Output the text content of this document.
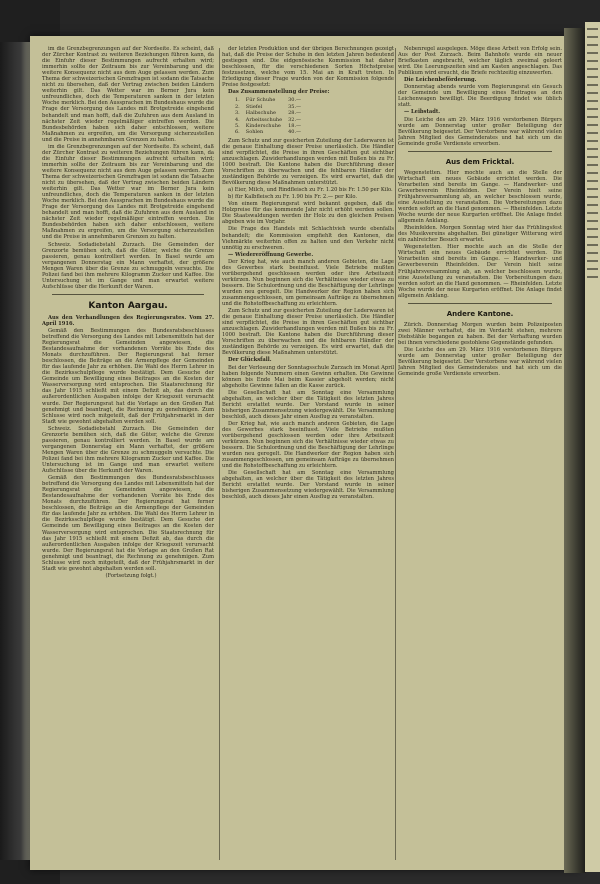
im die Grenzbegrenzungen auf der Nordseite. Es scheint, daß der Zürcher Kontrast zu weiteren Beziehungen führen kann, da die Einfuhr dieser Bestimmungen aufrecht erhalten wird; immerhin sollte der Zeitraum bis zur Vereinbarung und die weitere Konsequenz nicht aus dem Auge gelassen werden. Zum Thema der schweizerischen Grenzfragen ist sodann die Tatsache nicht zu übersehen, daß der Vertrag zwischen beiden Ländern weiterhin gilt. Das Wetter war im Berner Jura kein unfreundliches, doch die Temperaturen sanken in der letzten Woche merklich. Bei den Aussprachen im Bundeshaus wurde die Frage der Versorgung des Landes mit Brotgetreide eingehend behandelt und man hofft, daß die Zufuhren aus dem Ausland in nächster Zeit wieder regelmäßiger eintreffen werden. Die Bundesbehörden haben sich daher entschlossen, weitere Maßnahmen zu ergreifen, um die Versorgung sicherzustellen und die Preise in annehmbaren Grenzen zu halten.

im die Grenzbegrenzungen auf der Nordseite. Es scheint, daß der Zürcher Kontrast zu weiteren Beziehungen führen kann, da die Einfuhr dieser Bestimmungen aufrecht erhalten wird; immerhin sollte der Zeitraum bis zur Vereinbarung und die weitere Konsequenz nicht aus dem Auge gelassen werden. Zum Thema der schweizerischen Grenzfragen ist sodann die Tatsache nicht zu übersehen, daß der Vertrag zwischen beiden Ländern weiterhin gilt. Das Wetter war im Berner Jura kein unfreundliches, doch die Temperaturen sanken in der letzten Woche merklich. Bei den Aussprachen im Bundeshaus wurde die Frage der Versorgung des Landes mit Brotgetreide eingehend behandelt und man hofft, daß die Zufuhren aus dem Ausland in nächster Zeit wieder regelmäßiger eintreffen werden. Die Bundesbehörden haben sich daher entschlossen, weitere Maßnahmen zu ergreifen, um die Versorgung sicherzustellen und die Preise in annehmbaren Grenzen zu halten.

Schweiz. Sodadiebstahl Zurzach. Die Gemeinden der Grenzorte bemühen sich, daß die Güter, welche die Grenze passieren, genau kontrolliert werden. In Basel wurde am vergangenen Donnerstag ein Mann verhaftet, der größere Mengen Waren über die Grenze zu schmuggeln versuchte. Die Polizei fand bei ihm mehrere Kilogramm Zucker und Kaffee. Die Untersuchung ist im Gange und man erwartet weitere Aufschlüsse über die Herkunft der Waren.

Kanton Aargau.

Aus den Verhandlungen des Regierungsrates. Vom 27. April 1916.

Gemäß den Bestimmungen des Bundesratsbeschlusses betreffend die Versorgung des Landes mit Lebensmitteln hat der Regierungsrat die Gemeinden angewiesen, die Bestandesaufnahme der vorhandenen Vorräte bis Ende des Monats durchzuführen. Der Regierungsrat hat ferner beschlossen, die Beiträge an die Armenpflege der Gemeinden für das laufende Jahr zu erhöhen. Die Wahl des Herrn Lehrer in die Bezirksschulpflege wurde bestätigt. Dem Gesuche der Gemeinde um Bewilligung eines Beitrages an die Kosten der Wasserversorgung wird entsprochen. Die Staatsrechnung für das Jahr 1915 schließt mit einem Defizit ab, das durch die außerordentlichen Ausgaben infolge der Kriegszeit verursacht wurde. Der Regierungsrat hat die Vorlage an den Großen Rat genehmigt und beantragt, die Rechnung zu genehmigen. Zum Schlusse wird noch mitgeteilt, daß der Frühjahrsmarkt in der Stadt wie gewohnt abgehalten werden soll.

Schweiz. Sodadiebstahl Zurzach. Die Gemeinden der Grenzorte bemühen sich, daß die Güter, welche die Grenze passieren, genau kontrolliert werden. In Basel wurde am vergangenen Donnerstag ein Mann verhaftet, der größere Mengen Waren über die Grenze zu schmuggeln versuchte. Die Polizei fand bei ihm mehrere Kilogramm Zucker und Kaffee. Die Untersuchung ist im Gange und man erwartet weitere Aufschlüsse über die Herkunft der Waren.

Gemäß den Bestimmungen des Bundesratsbeschlusses betreffend die Versorgung des Landes mit Lebensmitteln hat der Regierungsrat die Gemeinden angewiesen, die Bestandesaufnahme der vorhandenen Vorräte bis Ende des Monats durchzuführen. Der Regierungsrat hat ferner beschlossen, die Beiträge an die Armenpflege der Gemeinden für das laufende Jahr zu erhöhen. Die Wahl des Herrn Lehrer in die Bezirksschulpflege wurde bestätigt. Dem Gesuche der Gemeinde um Bewilligung eines Beitrages an die Kosten der Wasserversorgung wird entsprochen. Die Staatsrechnung für das Jahr 1915 schließt mit einem Defizit ab, das durch die außerordentlichen Ausgaben infolge der Kriegszeit verursacht wurde. Der Regierungsrat hat die Vorlage an den Großen Rat genehmigt und beantragt, die Rechnung zu genehmigen. Zum Schlusse wird noch mitgeteilt, daß der Frühjahrsmarkt in der Stadt wie gewohnt abgehalten werden soll.

(Fortsetzung folgt.)

der letzten Produktion und der übrigen Berechnungen gezeigt hat, daß die Preise der Schuhe in den letzten Jahren bedeutend gestiegen sind. Die eidgenössische Kommission hat daher beschlossen, für die verschiedenen Sorten Höchstpreise festzusetzen, welche vom 15. Mai an in Kraft treten. In Erledigung dieser Frage wurden von der Kommission folgende Preise festgesetzt:

Das Zusammenstellung der Preise:

1.	Für Schuhe	30.—
2.	Stiefel	35.—
3.	Halbschuhe	28.—
4.	Arbeitsschuhe	32.—
5.	Kinderschuhe	18.—
6.	Sohlen	40.—

Zum Schutz und zur gesicherten Zuteilung der Lederwaren ist die genaue Einhaltung dieser Preise unerlässlich. Die Händler sind verpflichtet, die Preise in ihren Geschäften gut sichtbar anzuschlagen. Zuwiderhandlungen werden mit Bußen bis zu Fr. 1000 bestraft. Die Kantone haben die Durchführung dieser Vorschriften zu überwachen und die fehlbaren Händler der zuständigen Behörde zu verzeigen. Es wird erwartet, daß die Bevölkerung diese Maßnahmen unterstützt.

a) Eier, Milch, und Rindfleisch zu Fr. 1.20 bis Fr. 1.50 per Kilo.

b) für Kalbfleisch zu Fr. 1.90 bis Fr. 2.— per Kilo.

Von einem Regierungsrat wird bekannt gegeben, daß die Holzpreise für das kommende Jahr nicht erhöht werden sollen. Die Staatswaldungen werden ihr Holz zu den gleichen Preisen abgeben wie im Vorjahr.

Die Frage des Handels mit Schlachtvieh wurde ebenfalls behandelt; die Kommission empfiehlt den Kantonen, die Viehmärkte weiterhin offen zu halten und den Verkehr nicht unnötig zu erschweren.

— Wiedereröffnung Gewerbe.

Der Krieg hat, wie auch manch anderen Gebieten, die Lage des Gewerbes stark beeinflusst. Viele Betriebe mußten vorübergehend geschlossen werden oder ihre Arbeitszeit verkürzen. Nun beginnen sich die Verhältnisse wieder etwas zu bessern. Die Schulordnung und die Beschäftigung der Lehrlinge wurden neu geregelt. Die Handwerker der Region haben sich zusammengeschlossen, um gemeinsam Aufträge zu übernehmen und die Rohstoffbeschaffung zu erleichtern.

Zum Schutz und zur gesicherten Zuteilung der Lederwaren ist die genaue Einhaltung dieser Preise unerlässlich. Die Händler sind verpflichtet, die Preise in ihren Geschäften gut sichtbar anzuschlagen. Zuwiderhandlungen werden mit Bußen bis zu Fr. 1000 bestraft. Die Kantone haben die Durchführung dieser Vorschriften zu überwachen und die fehlbaren Händler der zuständigen Behörde zu verzeigen. Es wird erwartet, daß die Bevölkerung diese Maßnahmen unterstützt.

Der Glücksfall.

Bei der Verlosung der Sonntagsschule Zurzach im Monat April haben folgende Nummern einen Gewinn erhalten. Die Gewinne können bis Ende Mai beim Kassier abgeholt werden; nicht abgeholte Gewinne fallen an die Kasse zurück.

Die Gesellschaft hat am Sonntag eine Versammlung abgehalten, an welcher über die Tätigkeit des letzten Jahres Bericht erstattet wurde. Der Vorstand wurde in seiner bisherigen Zusammensetzung wiedergewählt. Die Versammlung beschloß, auch dieses Jahr einen Ausflug zu veranstalten.

Der Krieg hat, wie auch manch anderen Gebieten, die Lage des Gewerbes stark beeinflusst. Viele Betriebe mußten vorübergehend geschlossen werden oder ihre Arbeitszeit verkürzen. Nun beginnen sich die Verhältnisse wieder etwas zu bessern. Die Schulordnung und die Beschäftigung der Lehrlinge wurden neu geregelt. Die Handwerker der Region haben sich zusammengeschlossen, um gemeinsam Aufträge zu übernehmen und die Rohstoffbeschaffung zu erleichtern.

Die Gesellschaft hat am Sonntag eine Versammlung abgehalten, an welcher über die Tätigkeit des letzten Jahres Bericht erstattet wurde. Der Vorstand wurde in seiner bisherigen Zusammensetzung wiedergewählt. Die Versammlung beschloß, auch dieses Jahr einen Ausflug zu veranstalten.

Nebenregel ausgelegen. Möge diese Arbeit von Erfolg sein. Aus der Post Zurzach. Beim Bahnhofe wurde ein neuer Briefkasten angebracht, welcher täglich zweimal geleert wird. Die Leerungszeiten sind am Kasten angeschlagen. Das Publikum wird ersucht, die Briefe rechtzeitig einzuwerfen.

Die Leichenbeförderung.

Donnerstag abends wurde vom Regierungsrat ein Gesuch der Gemeinde um Bewilligung eines Beitrages an den Leichenwagen bewilligt. Die Beerdigung findet wie üblich statt.

— Leibstadt.

Die Leiche des am 29. März 1916 verstorbenen Bürgers wurde am Donnerstag unter großer Beteiligung der Bevölkerung beigesetzt. Der Verstorbene war während vielen Jahren Mitglied des Gemeinderates und hat sich um die Gemeinde große Verdienste erworben.

Aus dem Fricktal.

Wegenstetten. Hier mochte auch an die Stelle der Wirtschaft ein neues Gebäude errichtet werden. Die Vorarbeiten sind bereits im Gange. — Handwerker- und Gewerbeverein Rheinfelden. Der Verein hielt seine Frühjahrsversammlung ab, an welcher beschlossen wurde, eine Ausstellung zu veranstalten. Die Vorbereitungen dazu werden sofort an die Hand genommen. — Rheinfelden. Letzte Woche wurde der neue Kurgarten eröffnet. Die Anlage findet allgemein Anklang.

Rheinfelden. Morgen Sonntag wird hier das Frühlingsfest des Musikvereins abgehalten. Bei günstiger Witterung wird ein zahlreicher Besuch erwartet.

Wegenstetten. Hier mochte auch an die Stelle der Wirtschaft ein neues Gebäude errichtet werden. Die Vorarbeiten sind bereits im Gange. — Handwerker- und Gewerbeverein Rheinfelden. Der Verein hielt seine Frühjahrsversammlung ab, an welcher beschlossen wurde, eine Ausstellung zu veranstalten. Die Vorbereitungen dazu werden sofort an die Hand genommen. — Rheinfelden. Letzte Woche wurde der neue Kurgarten eröffnet. Die Anlage findet allgemein Anklang.

Andere Kantone.

Zürich. Donnerstag Morgen wurden beim Polizeiposten zwei Männer verhaftet, die im Verdacht stehen, mehrere Diebstähle begangen zu haben. Bei der Verhaftung wurden bei ihnen verschiedene gestohlene Gegenstände gefunden.

Die Leiche des am 29. März 1916 verstorbenen Bürgers wurde am Donnerstag unter großer Beteiligung der Bevölkerung beigesetzt. Der Verstorbene war während vielen Jahren Mitglied des Gemeinderates und hat sich um die Gemeinde große Verdienste erworben.
